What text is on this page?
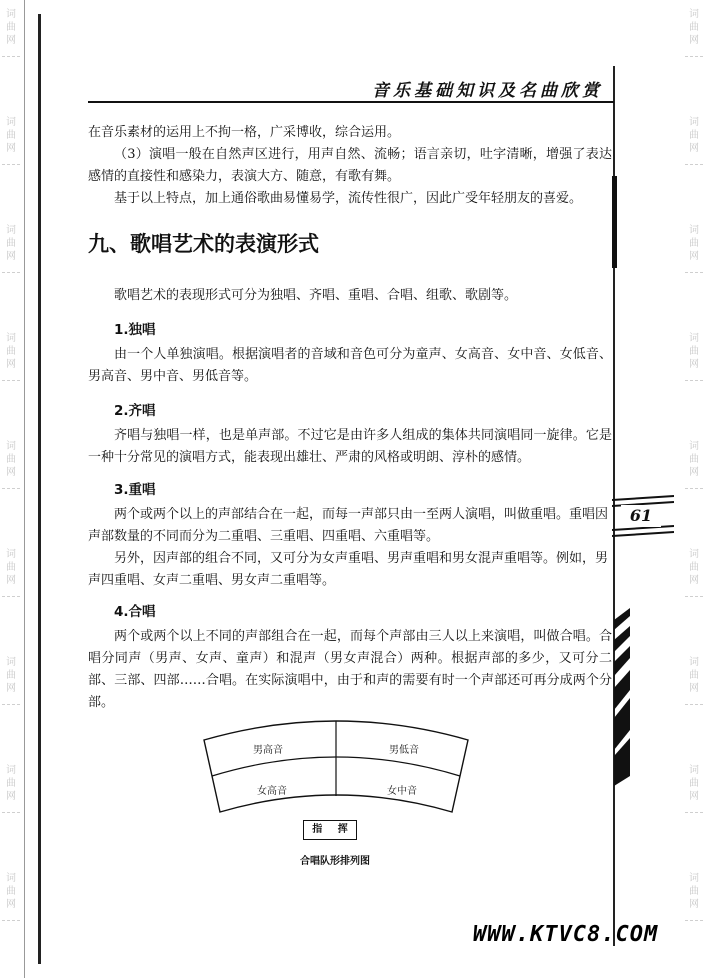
词
曲
网
词
曲
网
词
曲
网
词
曲
网
词
曲
网
词
曲
网
词
曲
网
词
曲
网
词
曲
网
词
曲
网
词
曲
网
词
曲
网
词
曲
网
词
曲
网
词
曲
网
词
曲
网
词
曲
网
词
曲
网
音乐基础知识及名曲欣赏
在音乐素材的运用上不拘一格，广采博收，综合运用。
（3）演唱一般在自然声区进行，用声自然、流畅；语言亲切，吐字清晰，增强了表达感情的直接性和感染力，表演大方、随意，有歌有舞。
基于以上特点，加上通俗歌曲易懂易学，流传性很广，因此广受年轻朋友的喜爱。
九、歌唱艺术的表演形式
歌唱艺术的表现形式可分为独唱、齐唱、重唱、合唱、组歌、歌剧等。
1.独唱
由一个人单独演唱。根据演唱者的音域和音色可分为童声、女高音、女中音、女低音、男高音、男中音、男低音等。
2.齐唱
齐唱与独唱一样，也是单声部。不过它是由许多人组成的集体共同演唱同一旋律。它是一种十分常见的演唱方式，能表现出雄壮、严肃的风格或明朗、淳朴的感情。
3.重唱
两个或两个以上的声部结合在一起，而每一声部只由一至两人演唱，叫做重唱。重唱因声部数量的不同而分为二重唱、三重唱、四重唱、六重唱等。
另外，因声部的组合不同，又可分为女声重唱、男声重唱和男女混声重唱等。例如，男声四重唱、女声二重唱、男女声二重唱等。
4.合唱
两个或两个以上不同的声部组合在一起，而每个声部由三人以上来演唱，叫做合唱。合唱分同声（男声、女声、童声）和混声（男女声混合）两种。根据声部的多少，又可分二部、三部、四部……合唱。在实际演唱中，由于和声的需要有时一个声部还可再分成两个分部。
61
男高音	男低音
女高音	女中音
指 挥
合唱队形排列图
WWW.KTVC8.COM
